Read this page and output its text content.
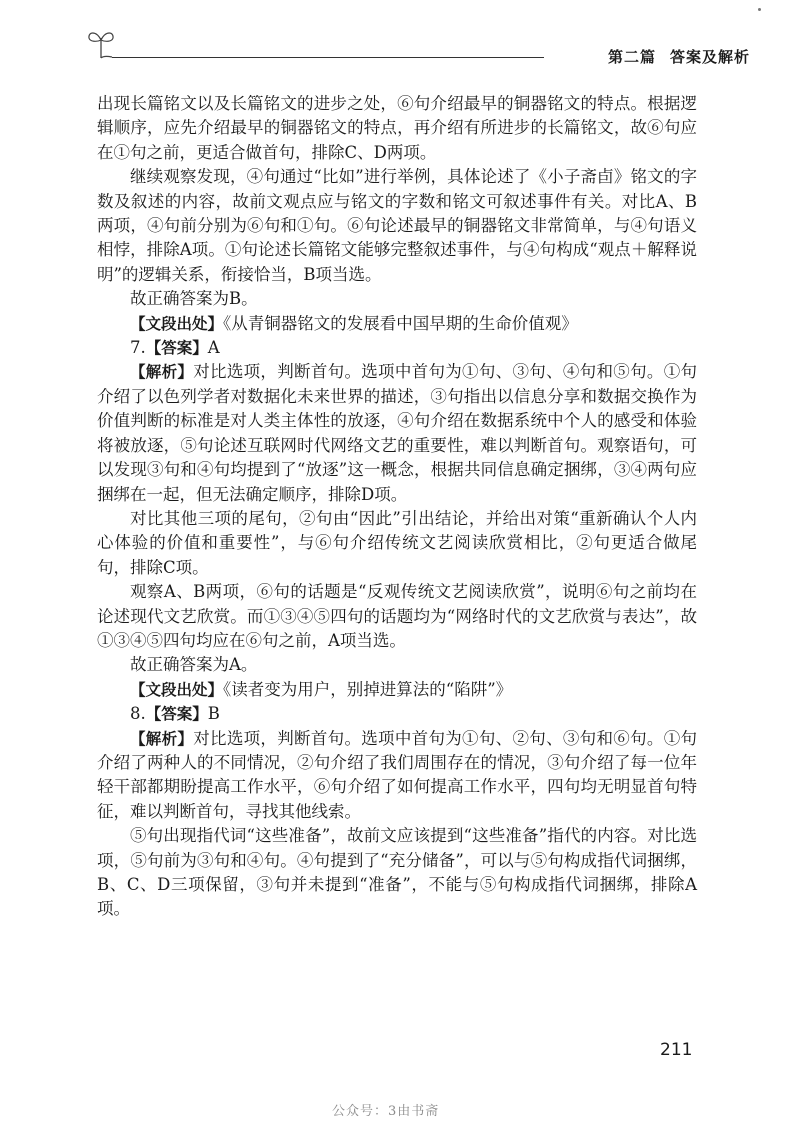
第二篇 答案及解析

出现长篇铭文以及长篇铭文的进步之处，⑥句介绍最早的铜器铭文的特点。根据逻辑顺序，应先介绍最早的铜器铭文的特点，再介绍有所进步的长篇铭文，故⑥句应在①句之前，更适合做首句，排除C、D两项。

继续观察发现，④句通过“比如”进行举例，具体论述了《小子斋卣》铭文的字数及叙述的内容，故前文观点应与铭文的字数和铭文可叙述事件有关。对比A、B两项，④句前分别为⑥句和①句。⑥句论述最早的铜器铭文非常简单，与④句语义相悖，排除A项。①句论述长篇铭文能够完整叙述事件，与④句构成“观点＋解释说明”的逻辑关系，衔接恰当，B项当选。

故正确答案为B。

【文段出处】《从青铜器铭文的发展看中国早期的生命价值观》

7.【答案】A

【解析】对比选项，判断首句。选项中首句为①句、③句、④句和⑤句。①句介绍了以色列学者对数据化未来世界的描述，③句指出以信息分享和数据交换作为价值判断的标准是对人类主体性的放逐，④句介绍在数据系统中个人的感受和体验将被放逐，⑤句论述互联网时代网络文艺的重要性，难以判断首句。观察语句，可以发现③句和④句均提到了“放逐”这一概念，根据共同信息确定捆绑，③④两句应捆绑在一起，但无法确定顺序，排除D项。

对比其他三项的尾句，②句由“因此”引出结论，并给出对策“重新确认个人内心体验的价值和重要性”，与⑥句介绍传统文艺阅读欣赏相比，②句更适合做尾句，排除C项。

观察A、B两项，⑥句的话题是“反观传统文艺阅读欣赏”，说明⑥句之前均在论述现代文艺欣赏。而①③④⑤四句的话题均为“网络时代的文艺欣赏与表达”，故①③④⑤四句均应在⑥句之前，A项当选。

故正确答案为A。

【文段出处】《读者变为用户，别掉进算法的“陷阱”》

8.【答案】B

【解析】对比选项，判断首句。选项中首句为①句、②句、③句和⑥句。①句介绍了两种人的不同情况，②句介绍了我们周围存在的情况，③句介绍了每一位年轻干部都期盼提高工作水平，⑥句介绍了如何提高工作水平，四句均无明显首句特征，难以判断首句，寻找其他线索。

⑤句出现指代词“这些准备”，故前文应该提到“这些准备”指代的内容。对比选项，⑤句前为③句和④句。④句提到了“充分储备”，可以与⑤句构成指代词捆绑，B、C、D三项保留，③句并未提到“准备”，不能与⑤句构成指代词捆绑，排除A项。

211
公众号：3由书斋
